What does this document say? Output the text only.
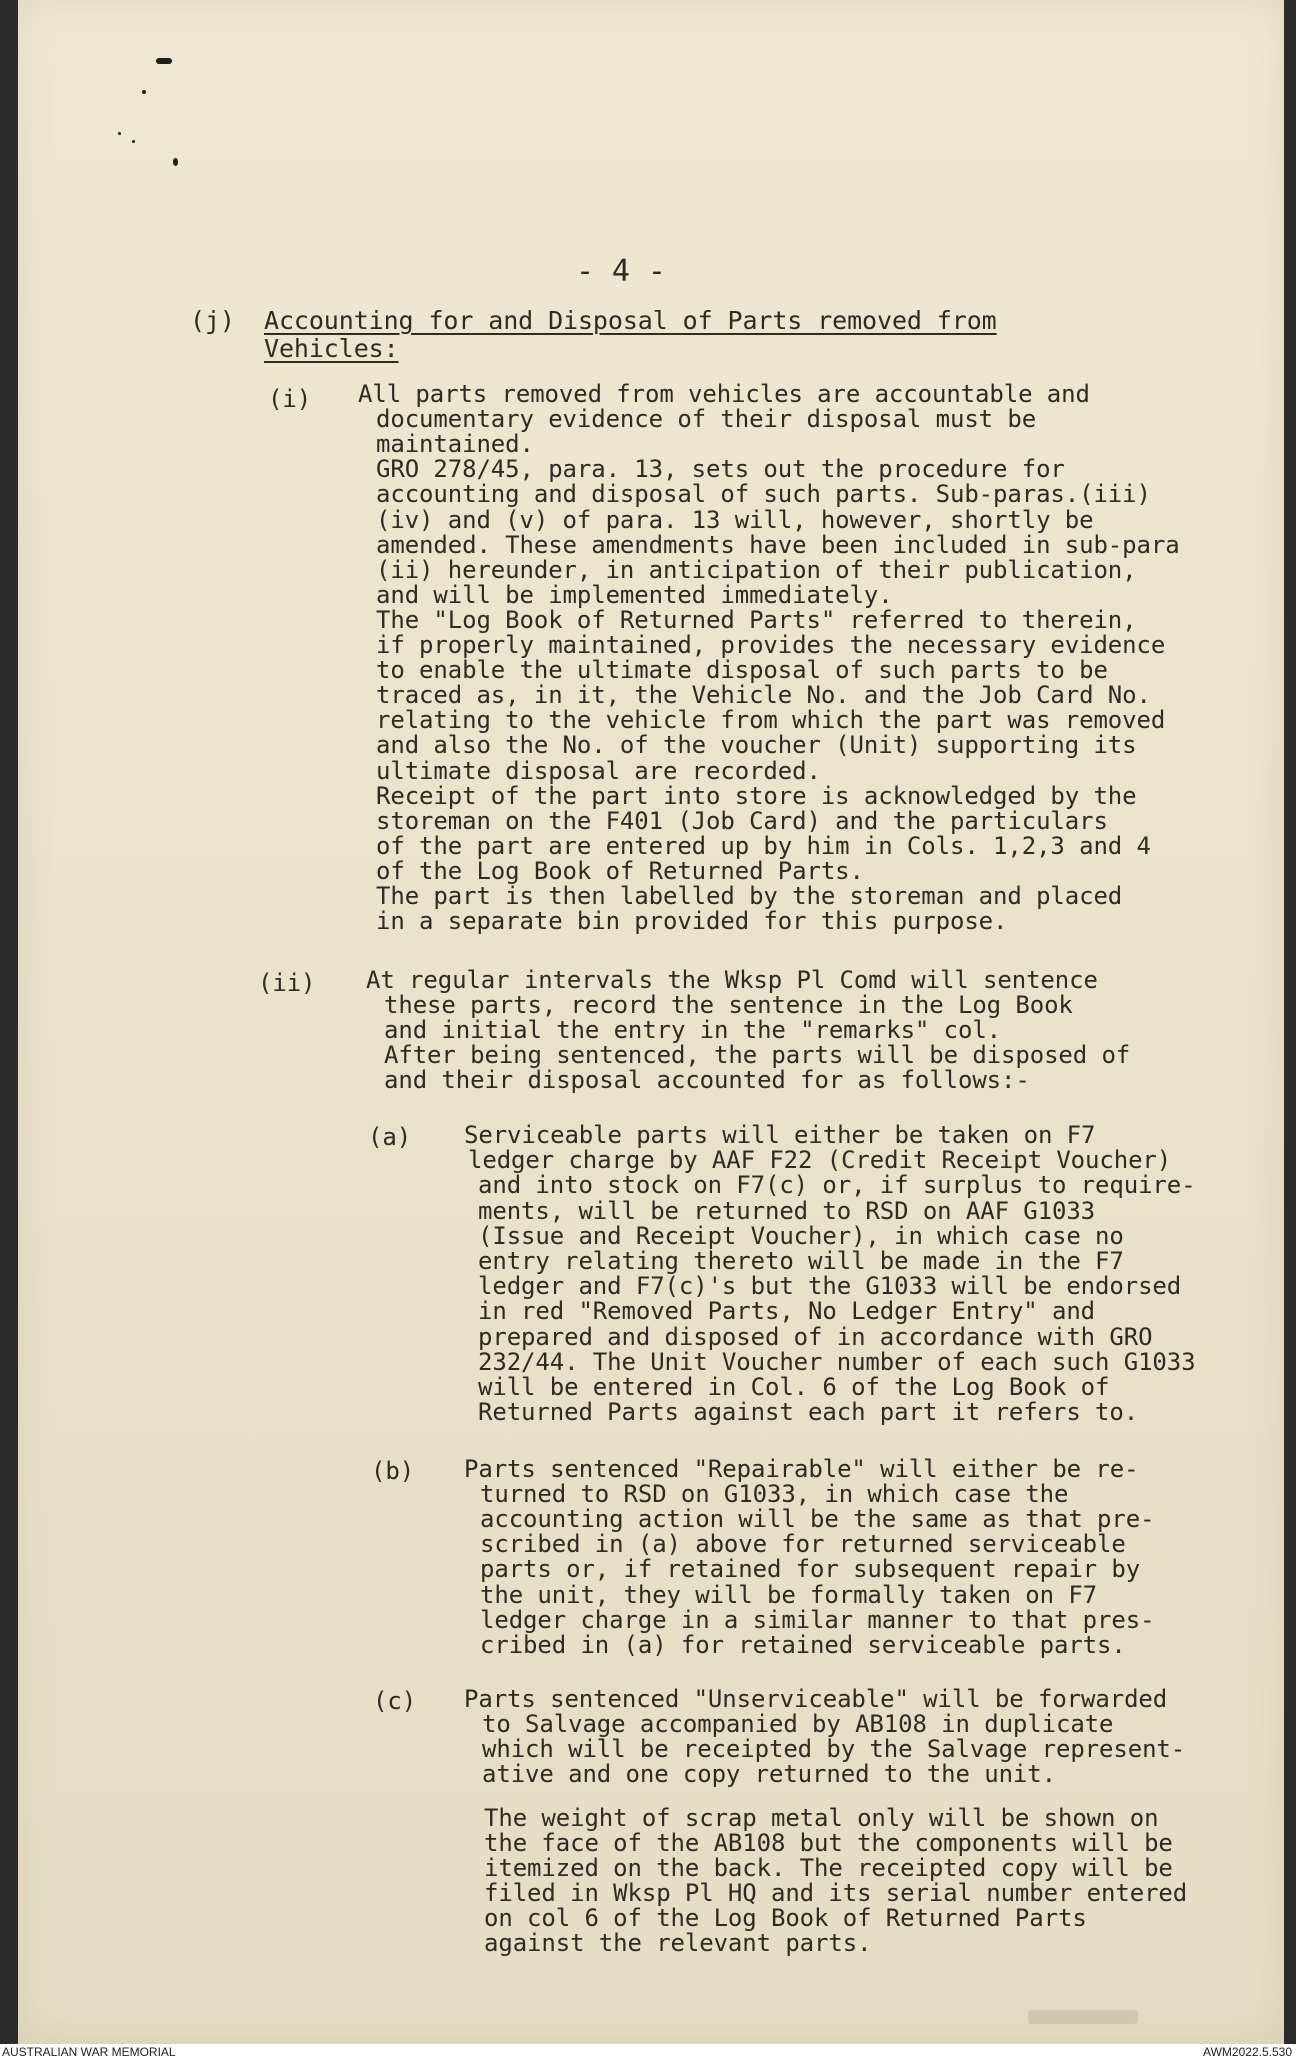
- 4 -
(j) Accounting for and Disposal of Parts removed from
Vehicles:
(i) All parts removed from vehicles are accountable and
documentary evidence of their disposal must be
maintained.
GRO 278/45, para. 13, sets out the procedure for
accounting and disposal of such parts. Sub-paras.(iii)
(iv) and (v) of para. 13 will, however, shortly be
amended. These amendments have been included in sub-para
(ii) hereunder, in anticipation of their publication,
and will be implemented immediately.
The "Log Book of Returned Parts" referred to therein,
if properly maintained, provides the necessary evidence
to enable the ultimate disposal of such parts to be
traced as, in it, the Vehicle No. and the Job Card No.
relating to the vehicle from which the part was removed
and also the No. of the voucher (Unit) supporting its
ultimate disposal are recorded.
Receipt of the part into store is acknowledged by the
storeman on the F401 (Job Card) and the particulars
of the part are entered up by him in Cols. 1,2,3 and 4
of the Log Book of Returned Parts.
The part is then labelled by the storeman and placed
in a separate bin provided for this purpose.
(ii) At regular intervals the Wksp Pl Comd will sentence
these parts, record the sentence in the Log Book
and initial the entry in the "remarks" col.
After being sentenced, the parts will be disposed of
and their disposal accounted for as follows:-
(a) Serviceable parts will either be taken on F7
ledger charge by AAF F22 (Credit Receipt Voucher)
and into stock on F7(c) or, if surplus to require-
ments, will be returned to RSD on AAF G1033
(Issue and Receipt Voucher), in which case no
entry relating thereto will be made in the F7
ledger and F7(c)'s but the G1033 will be endorsed
in red "Removed Parts, No Ledger Entry" and
prepared and disposed of in accordance with GRO
232/44. The Unit Voucher number of each such G1033
will be entered in Col. 6 of the Log Book of
Returned Parts against each part it refers to.
(b) Parts sentenced "Repairable" will either be re-
turned to RSD on G1033, in which case the
accounting action will be the same as that pre-
scribed in (a) above for returned serviceable
parts or, if retained for subsequent repair by
the unit, they will be formally taken on F7
ledger charge in a similar manner to that pres-
cribed in (a) for retained serviceable parts.
(c) Parts sentenced "Unserviceable" will be forwarded
to Salvage accompanied by AB108 in duplicate
which will be receipted by the Salvage represent-
ative and one copy returned to the unit.
The weight of scrap metal only will be shown on
the face of the AB108 but the components will be
itemized on the back. The receipted copy will be
filed in Wksp Pl HQ and its serial number entered
on col 6 of the Log Book of Returned Parts
against the relevant parts.
AUSTRALIAN WAR MEMORIAL	AWM2022.5.530
